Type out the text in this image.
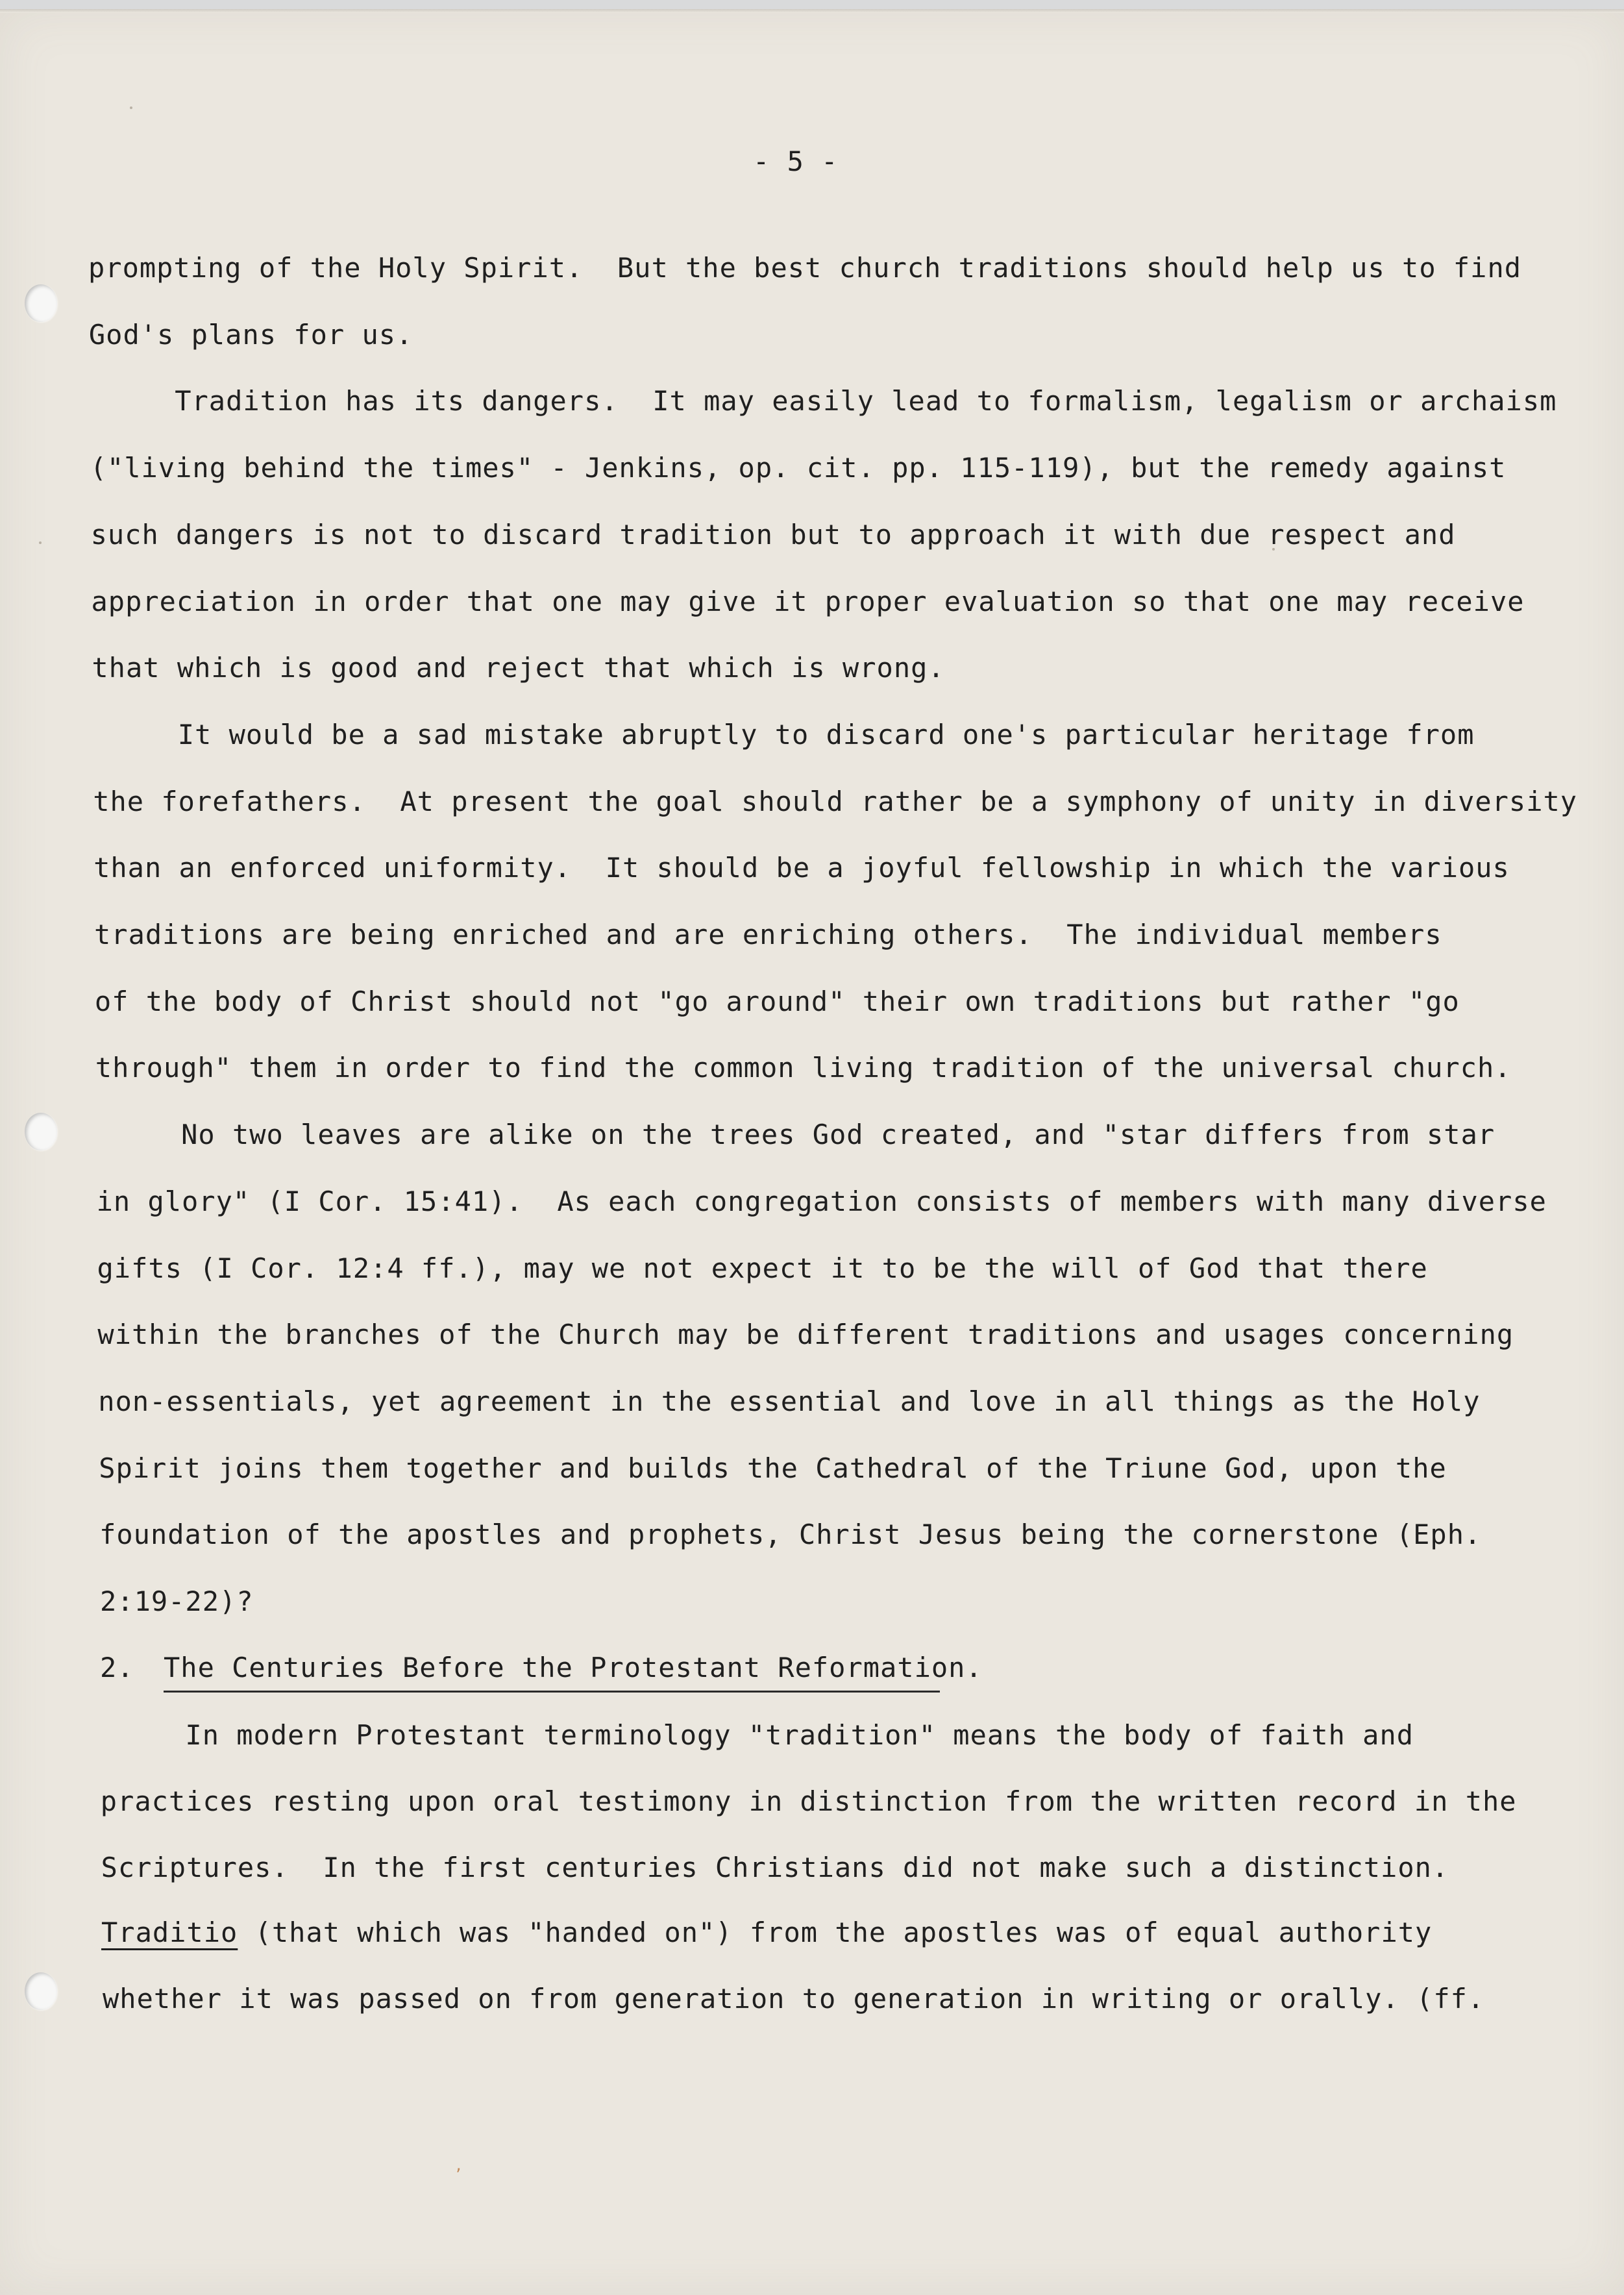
- 5 -

prompting of the Holy Spirit.  But the best church traditions should help us to find

God's plans for us.

Tradition has its dangers.  It may easily lead to formalism, legalism or archaism

("living behind the times" - Jenkins, op. cit. pp. 115-119), but the remedy against

such dangers is not to discard tradition but to approach it with due respect and

appreciation in order that one may give it proper evaluation so that one may receive

that which is good and reject that which is wrong.

It would be a sad mistake abruptly to discard one's particular heritage from

the forefathers.  At present the goal should rather be a symphony of unity in diversity

than an enforced uniformity.  It should be a joyful fellowship in which the various

traditions are being enriched and are enriching others.  The individual members

of the body of Christ should not "go around" their own traditions but rather "go

through" them in order to find the common living tradition of the universal church.

No two leaves are alike on the trees God created, and "star differs from star

in glory" (I Cor. 15:41).  As each congregation consists of members with many diverse

gifts (I Cor. 12:4 ff.), may we not expect it to be the will of God that there

within the branches of the Church may be different traditions and usages concerning

non-essentials, yet agreement in the essential and love in all things as the Holy

Spirit joins them together and builds the Cathedral of the Triune God, upon the

foundation of the apostles and prophets, Christ Jesus being the cornerstone (Eph.

2:19-22)?

2. The Centuries Before the Protestant Reformation.

In modern Protestant terminology "tradition" means the body of faith and

practices resting upon oral testimony in distinction from the written record in the

Scriptures.  In the first centuries Christians did not make such a distinction.

Traditio (that which was "handed on") from the apostles was of equal authority

whether it was passed on from generation to generation in writing or orally. (ff.

,
